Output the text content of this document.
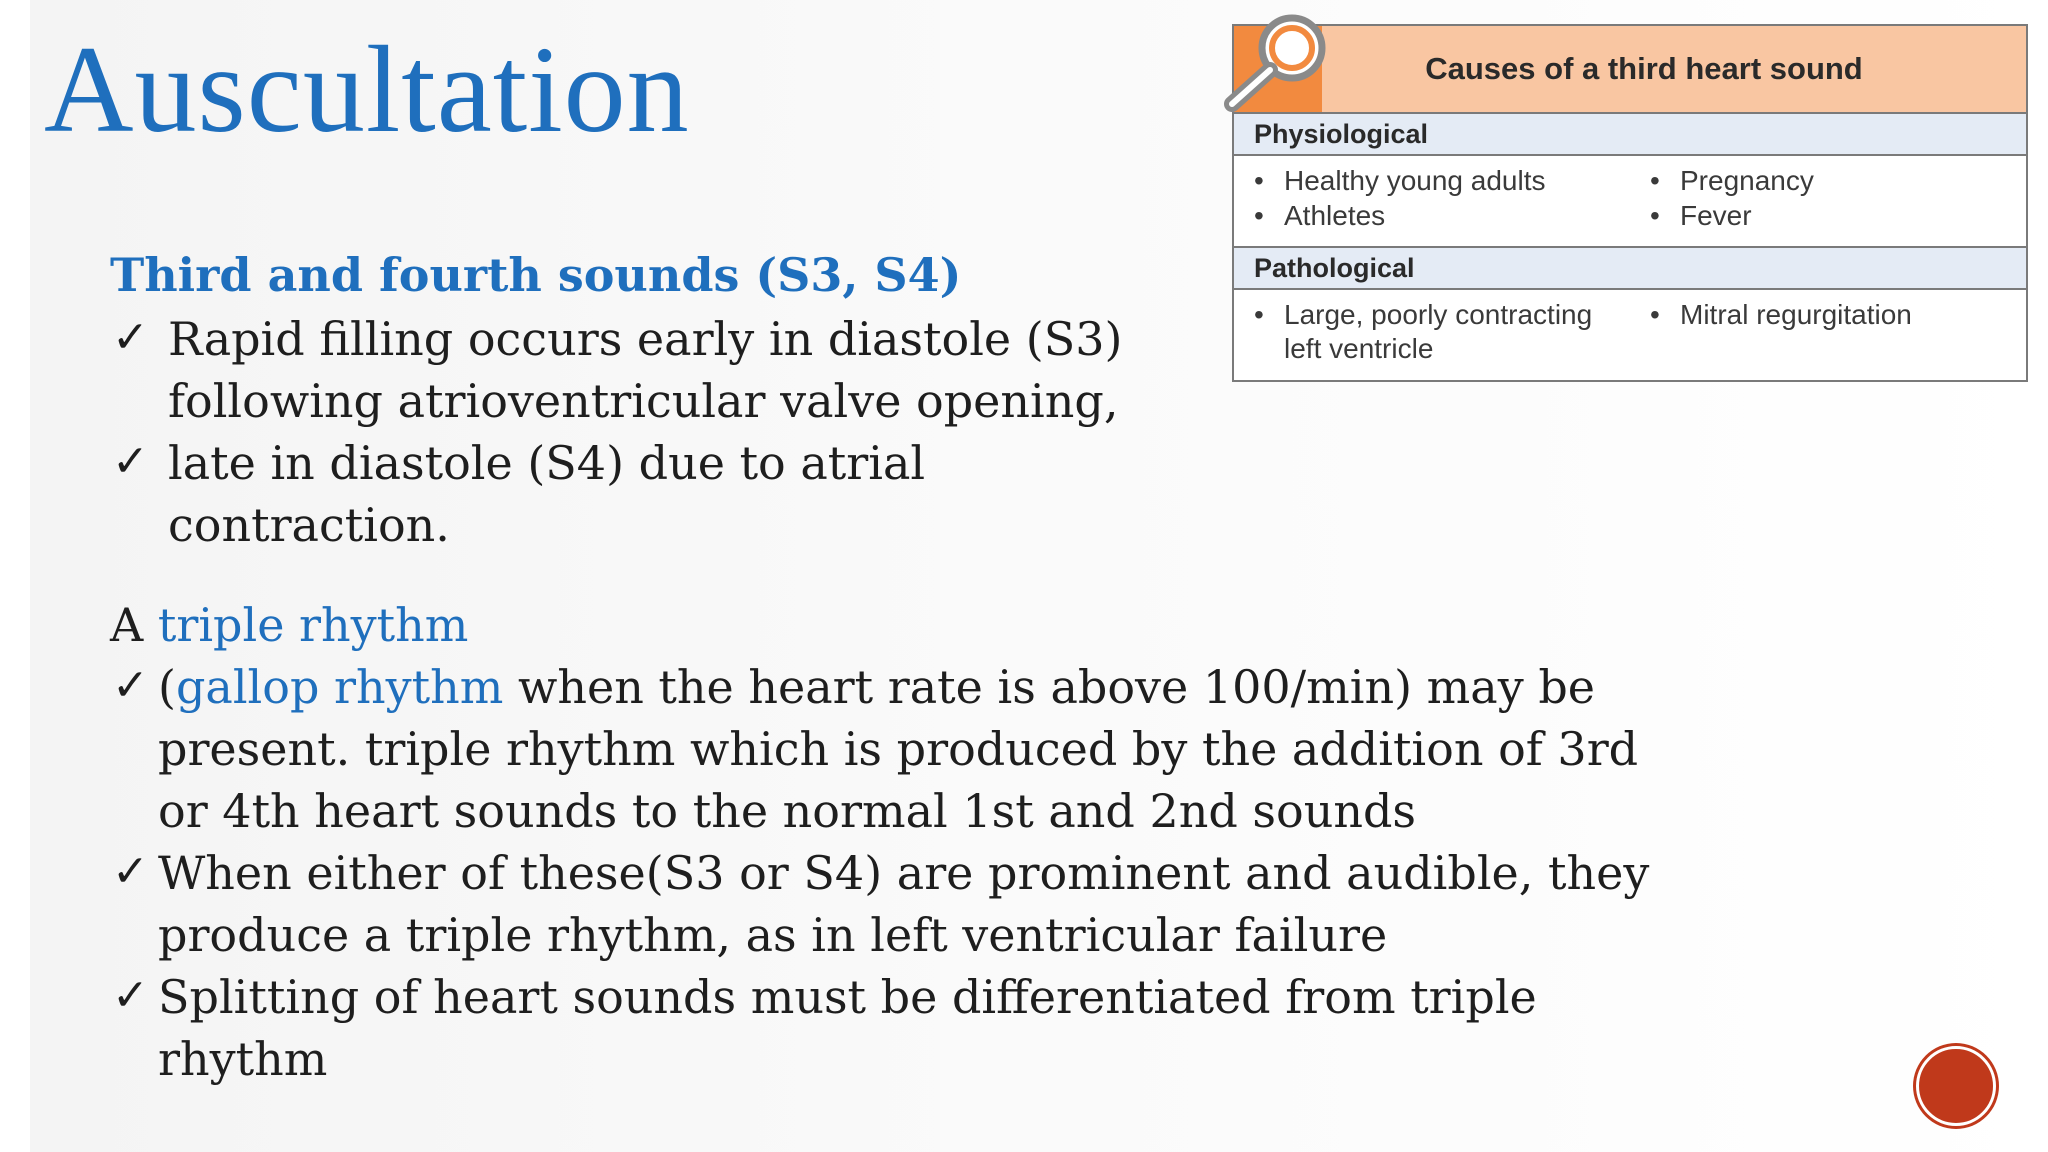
Auscultation	Causes of a third heart sound
Physiological
• Healthy young adults
• Athletes
• Pregnancy
• Fever
Pathological
• Large, poorly contracting
left ventricle
• Mitral regurgitation
Third and fourth sounds (S3, S4)
✓ Rapid filling occurs early in diastole (S3)
following atrioventricular valve opening,
✓ late in diastole (S4) due to atrial
contraction.
A triple rhythm
✓ (gallop rhythm when the heart rate is above 100/min) may be
present. triple rhythm which is produced by the addition of 3rd
or 4th heart sounds to the normal 1st and 2nd sounds
✓ When either of these(S3 or S4) are prominent and audible, they
produce a triple rhythm, as in left ventricular failure
✓ Splitting of heart sounds must be differentiated from triple
rhythm
